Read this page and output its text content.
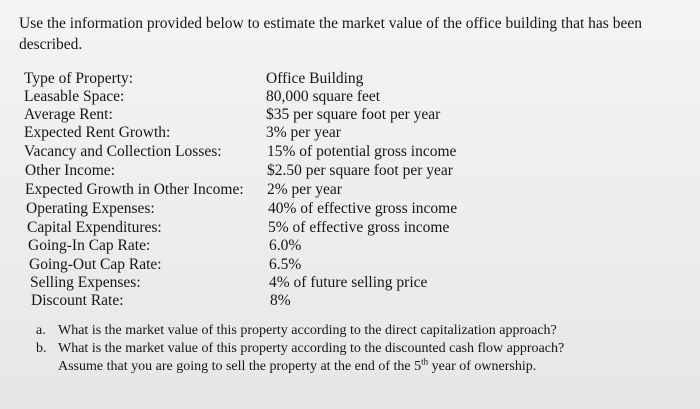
Use the information provided below to estimate the market value of the office building that has been described.
Type of Property:	Office Building
Leasable Space:	80,000 square feet
Average Rent:	$35 per square foot per year
Expected Rent Growth:	3% per year
Vacancy and Collection Losses:	15% of potential gross income
Other Income:	$2.50 per square foot per year
Expected Growth in Other Income: 2% per year
Operating Expenses:	40% of effective gross income
Capital Expenditures:	5% of effective gross income
Going-In Cap Rate:	6.0%
Going-Out Cap Rate:	6.5%
Selling Expenses:	4% of future selling price
Discount Rate:	8%
a. What is the market value of this property according to the direct capitalization approach?
b. What is the market value of this property according to the discounted cash flow approach?
Assume that you are going to sell the property at the end of the 5th year of ownership.
